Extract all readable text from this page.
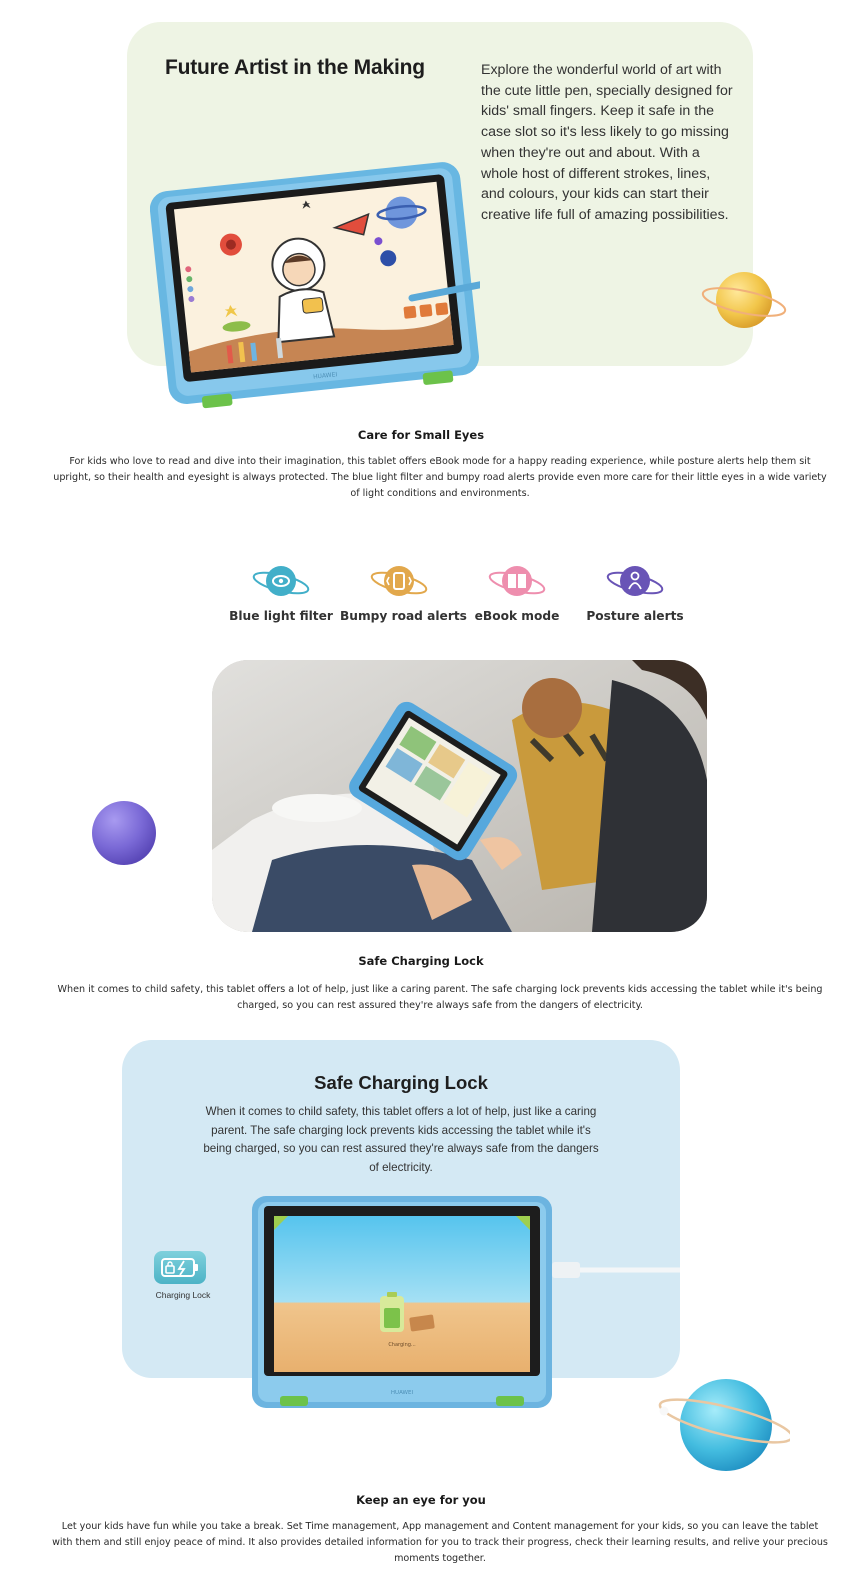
Future Artist in the Making	Explore the wonderful world of art with the cute little pen, specially designed for kids' small fingers. Keep it safe in the case slot so it's less likely to go missing when they're out and about. With a whole host of different strokes, lines, and colours, your kids can start their creative life full of amazing possibilities.

HUAWEI
Care for Small Eyes

For kids who love to read and dive into their imagination, this tablet offers eBook mode for a happy reading experience, while posture alerts help them sit upright, so their health and eyesight is always protected. The blue light filter and bumpy road alerts provide even more care for their little eyes in a wide variety of light conditions and environments.

Blue light filter Bumpy road alerts eBook mode	Posture alerts
Safe Charging Lock

When it comes to child safety, this tablet offers a lot of help, just like a caring parent. The safe charging lock prevents kids accessing the tablet while it's being charged, so you can rest assured they're always safe from the dangers of electricity.

Safe Charging Lock

When it comes to child safety, this tablet offers a lot of help, just like a caring parent. The safe charging lock prevents kids accessing the tablet while it's being charged, so you can rest assured they're always safe from the dangers of electricity.

Charging Lock

Charging...
HUAWEI
Keep an eye for you

Let your kids have fun while you take a break. Set Time management, App management and Content management for your kids, so you can leave the tablet with them and still enjoy peace of mind. It also provides detailed information for you to track their progress, check their learning results, and relive your precious moments together.
